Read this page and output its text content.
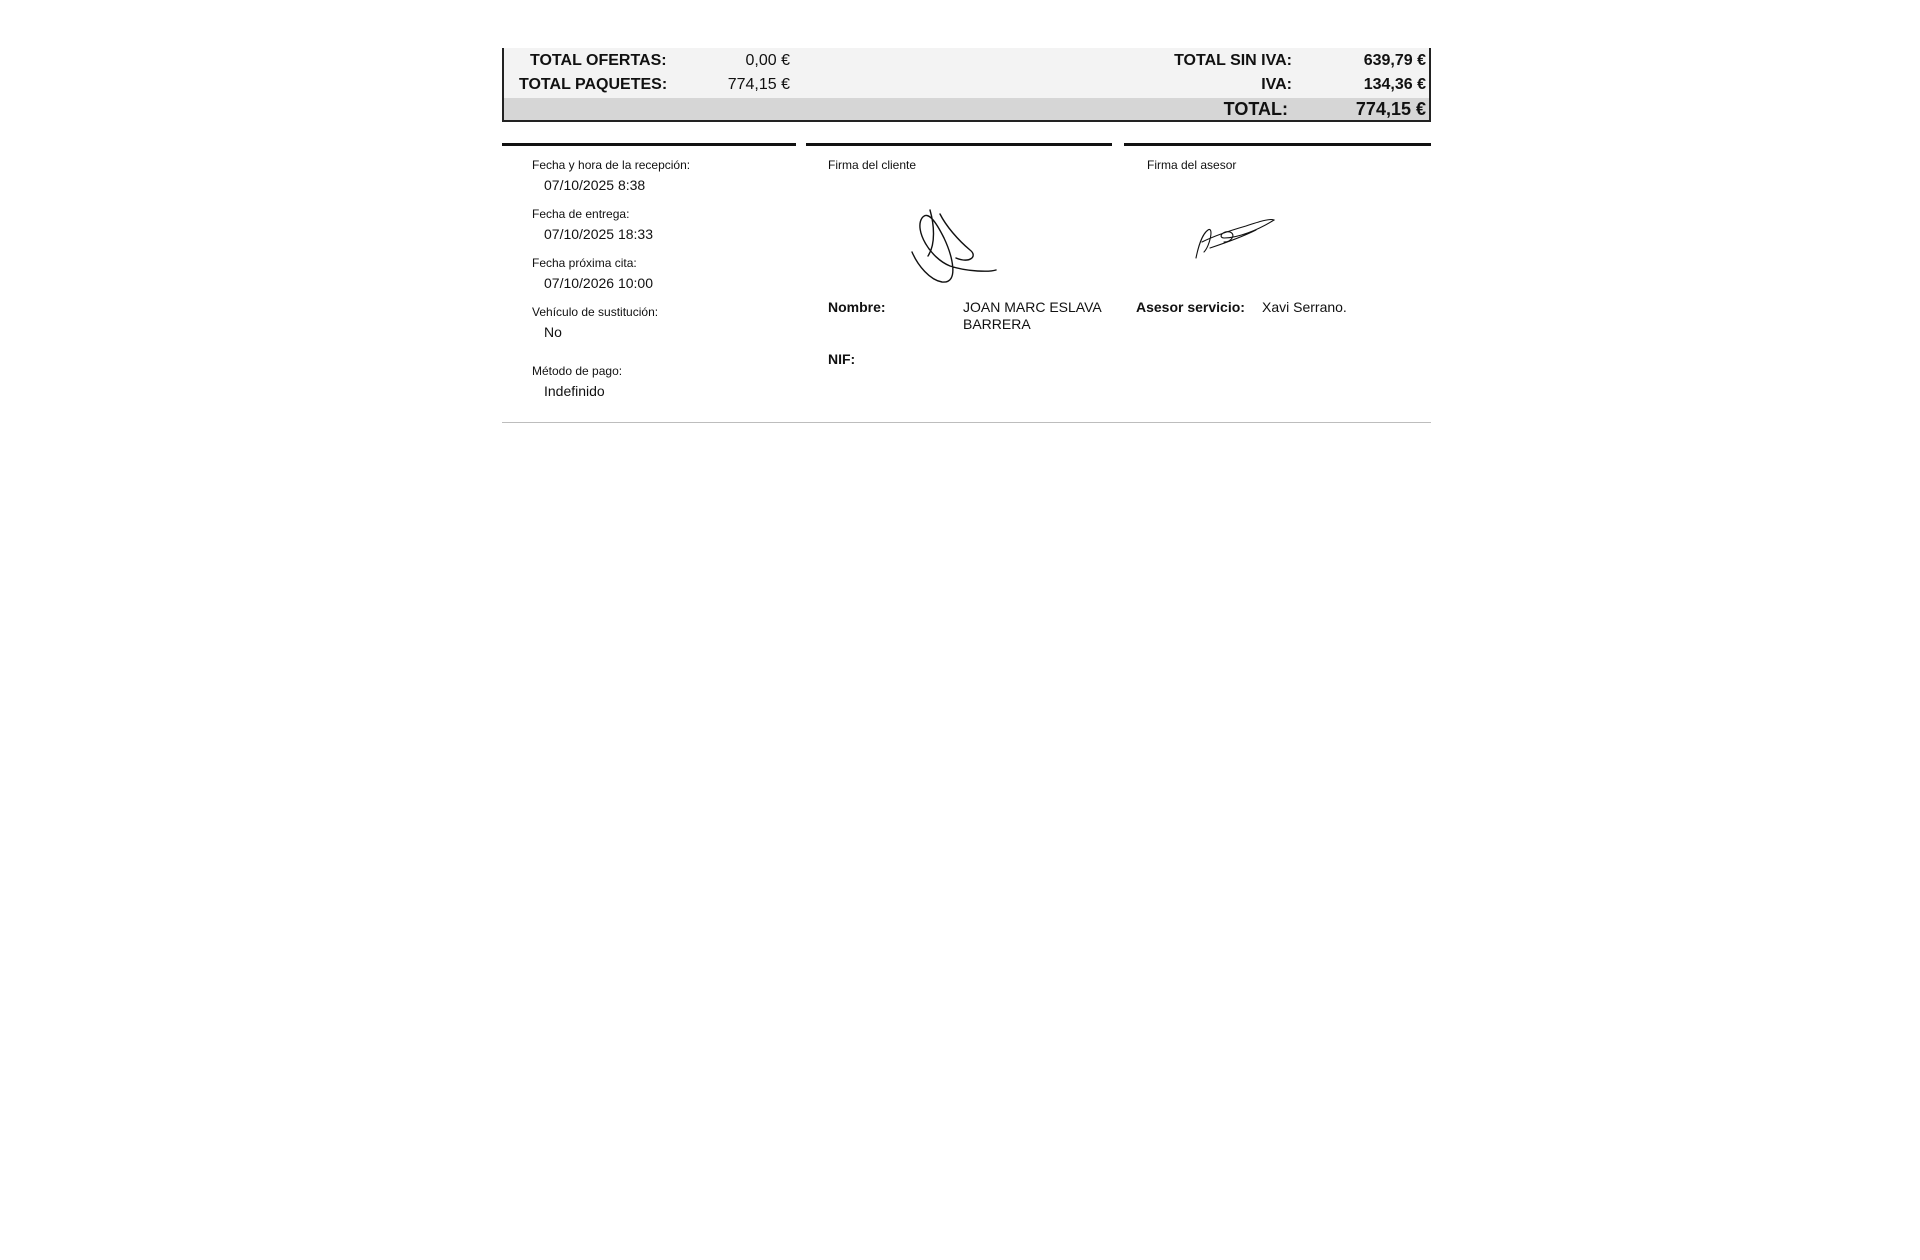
TOTAL OFERTAS:	0,00 €
TOTAL PAQUETES:	774,15 €
TOTAL SIN IVA:	639,79 €
IVA:	134,36 €
TOTAL:	774,15 €
Fecha y hora de la recepción:
07/10/2025 8:38
Fecha de entrega:
07/10/2025 18:33
Fecha próxima cita:
07/10/2026 10:00
Vehículo de sustitución:
No
Método de pago:
Indefinido
Firma del cliente
Nombre:	JOAN MARC ESLAVA
BARRERA
NIF:
Firma del asesor
Asesor servicio: Xavi Serrano.
